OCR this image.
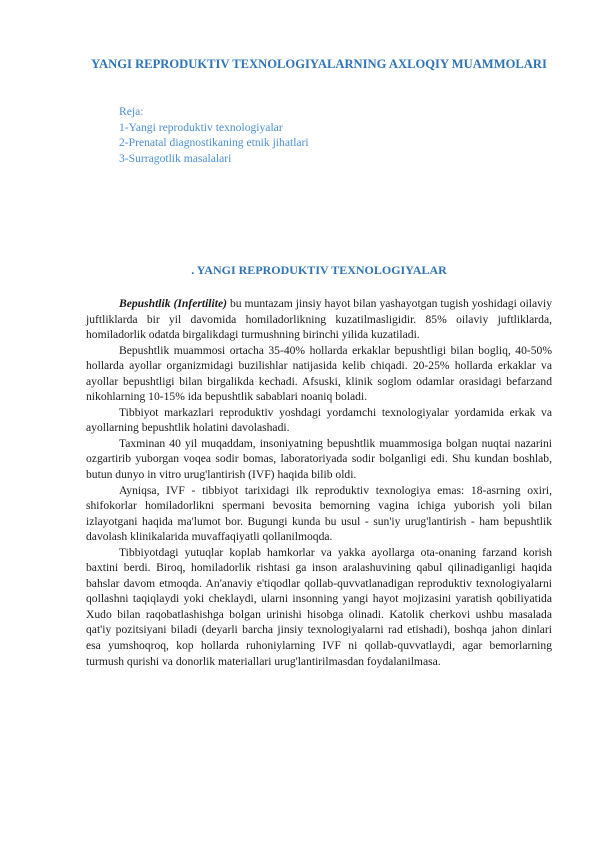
YANGI REPRODUKTIV TEXNOLOGIYALARNING AXLOQIY MUAMMOLARI
Reja:
1-Yangi reproduktiv texnologiyalar
2-Prenatal diagnostikaning etnik jihatlari
3-Surragotlik masalalari
. YANGI REPRODUKTIV TEXNOLOGIYALAR

Bepushtlik (Infertilite) bu muntazam jinsiy hayot bilan yashayotgan tugish yoshidagi oilaviy juftliklarda bir yil davomida homiladorlikning kuzatilmasligidir. 85% oilaviy juftliklarda, homiladorlik odatda birgalikdagi turmushning birinchi yilida kuzatiladi.

Bepushtlik muammosi ortacha 35-40% hollarda erkaklar bepushtligi bilan bogliq, 40-50% hollarda ayollar organizmidagi buzilishlar natijasida kelib chiqadi. 20-25% hollarda erkaklar va ayollar bepushtligi bilan birgalikda kechadi. Afsuski, klinik soglom odamlar orasidagi befarzand nikohlarning 10-15% ida bepushtlik sabablari noaniq boladi.

Tibbiyot markazlari reproduktiv yoshdagi yordamchi texnologiyalar yordamida erkak va ayollarning bepushtlik holatini davolashadi.

Taxminan 40 yil muqaddam, insoniyatning bepushtlik muammosiga bolgan nuqtai nazarini ozgartirib yuborgan voqea sodir bomas, laboratoriyada sodir bolganligi edi. Shu kundan boshlab, butun dunyo in vitro urug'lantirish (IVF) haqida bilib oldi.

Ayniqsa, IVF - tibbiyot tarixidagi ilk reproduktiv texnologiya emas: 18-asrning oxiri, shifokorlar homiladorlikni spermani bevosita bemorning vagina ichiga yuborish yoli bilan izlayotgani haqida ma'lumot bor. Bugungi kunda bu usul - sun'iy urug'lantirish - ham bepushtlik davolash klinikalarida muvaffaqiyatli qollanilmoqda.

Tibbiyotdagi yutuqlar koplab hamkorlar va yakka ayollarga ota-onaning farzand korish baxtini berdi. Biroq, homiladorlik rishtasi ga inson aralashuvining qabul qilinadiganligi haqida bahslar davom etmoqda. An'anaviy e'tiqodlar qollab-quvvatlanadigan reproduktiv texnologiyalarni qollashni taqiqlaydi yoki cheklaydi, ularni insonning yangi hayot mojizasini yaratish qobiliyatida Xudo bilan raqobatlashishga bolgan urinishi hisobga olinadi. Katolik cherkovi ushbu masalada qat'iy pozitsiyani biladi (deyarli barcha jinsiy texnologiyalarni rad etishadi), boshqa jahon dinlari esa yumshoqroq, kop hollarda ruhoniylarning IVF ni qollab-quvvatlaydi, agar bemorlarning turmush qurishi va donorlik materiallari urug'lantirilmasdan foydalanilmasa.
